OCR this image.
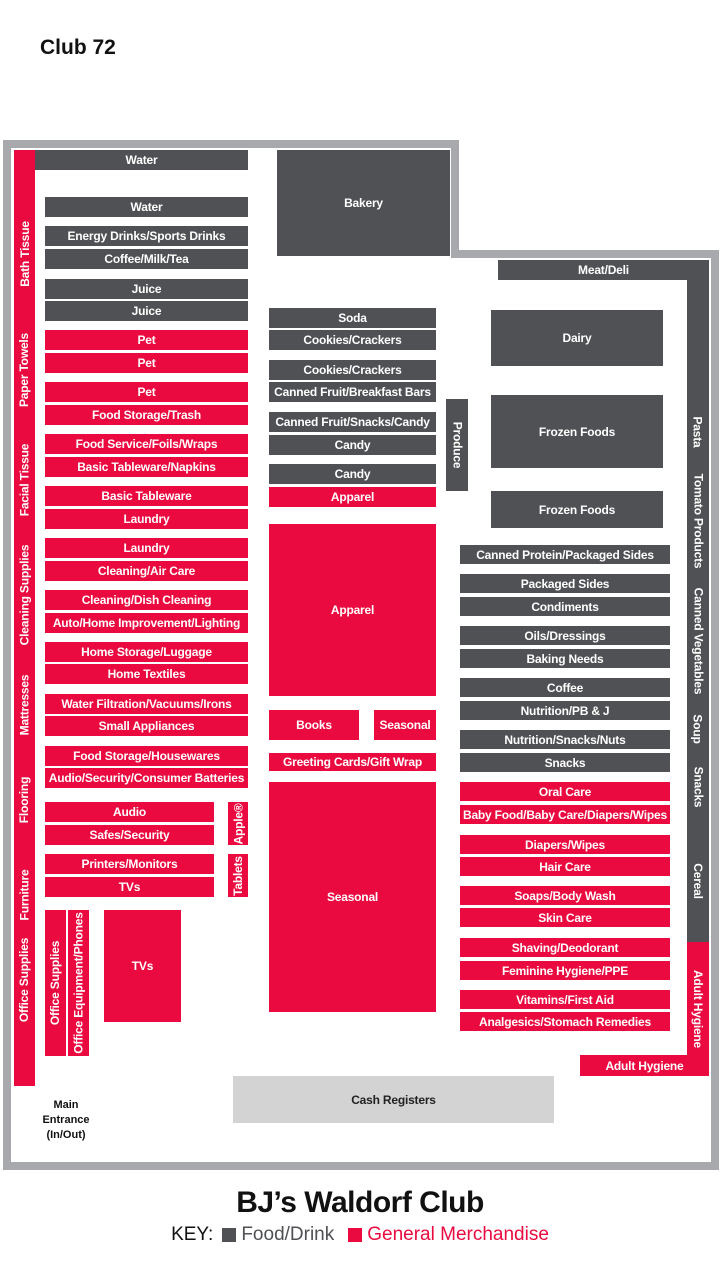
Club 72
Bath Tissue
Paper Towels
Facial Tissue
Cleaning Supplies
Mattresses
Flooring
Furniture
Office Supplies
Water
Bakery
Water
Energy Drinks/Sports Drinks
Coffee/Milk/Tea
Juice
Juice
Pet
Pet
Pet
Food Storage/Trash
Food Service/Foils/Wraps
Basic Tableware/Napkins
Basic Tableware
Laundry
Laundry
Cleaning/Air Care
Cleaning/Dish Cleaning
Auto/Home Improvement/Lighting
Home Storage/Luggage
Home Textiles
Water Filtration/Vacuums/Irons
Small Appliances
Food Storage/Housewares
Audio/Security/Consumer Batteries
Audio
Safes/Security	Apple®
Printers/Monitors
TVs	Tablets
Office Supplies Office Equipment/Phones	TVs
Soda
Cookies/Crackers
Cookies/Crackers
Canned Fruit/Breakfast Bars
Canned Fruit/Snacks/Candy
Candy
Candy
Apparel
Apparel
Books	Seasonal
Greeting Cards/Gift Wrap
Seasonal
Produce
Meat/Deli
Dairy
Frozen Foods
Frozen Foods
Canned Protein/Packaged Sides
Packaged Sides
Condiments
Oils/Dressings
Baking Needs
Coffee
Nutrition/PB & J
Nutrition/Snacks/Nuts
Snacks
Oral Care
Baby Food/Baby Care/Diapers/Wipes
Diapers/Wipes
Hair Care
Soaps/Body Wash
Skin Care
Shaving/Deodorant
Feminine Hygiene/PPE
Vitamins/First Aid
Analgesics/Stomach Remedies
Pasta
Tomato Products
Canned Vegetables
Soup
Snacks
Cereal
Adult Hygiene
Adult Hygiene
Cash Registers
Main
Entrance
(In/Out)
BJ’s Waldorf Club
KEY: Food/Drink General Merchandise
